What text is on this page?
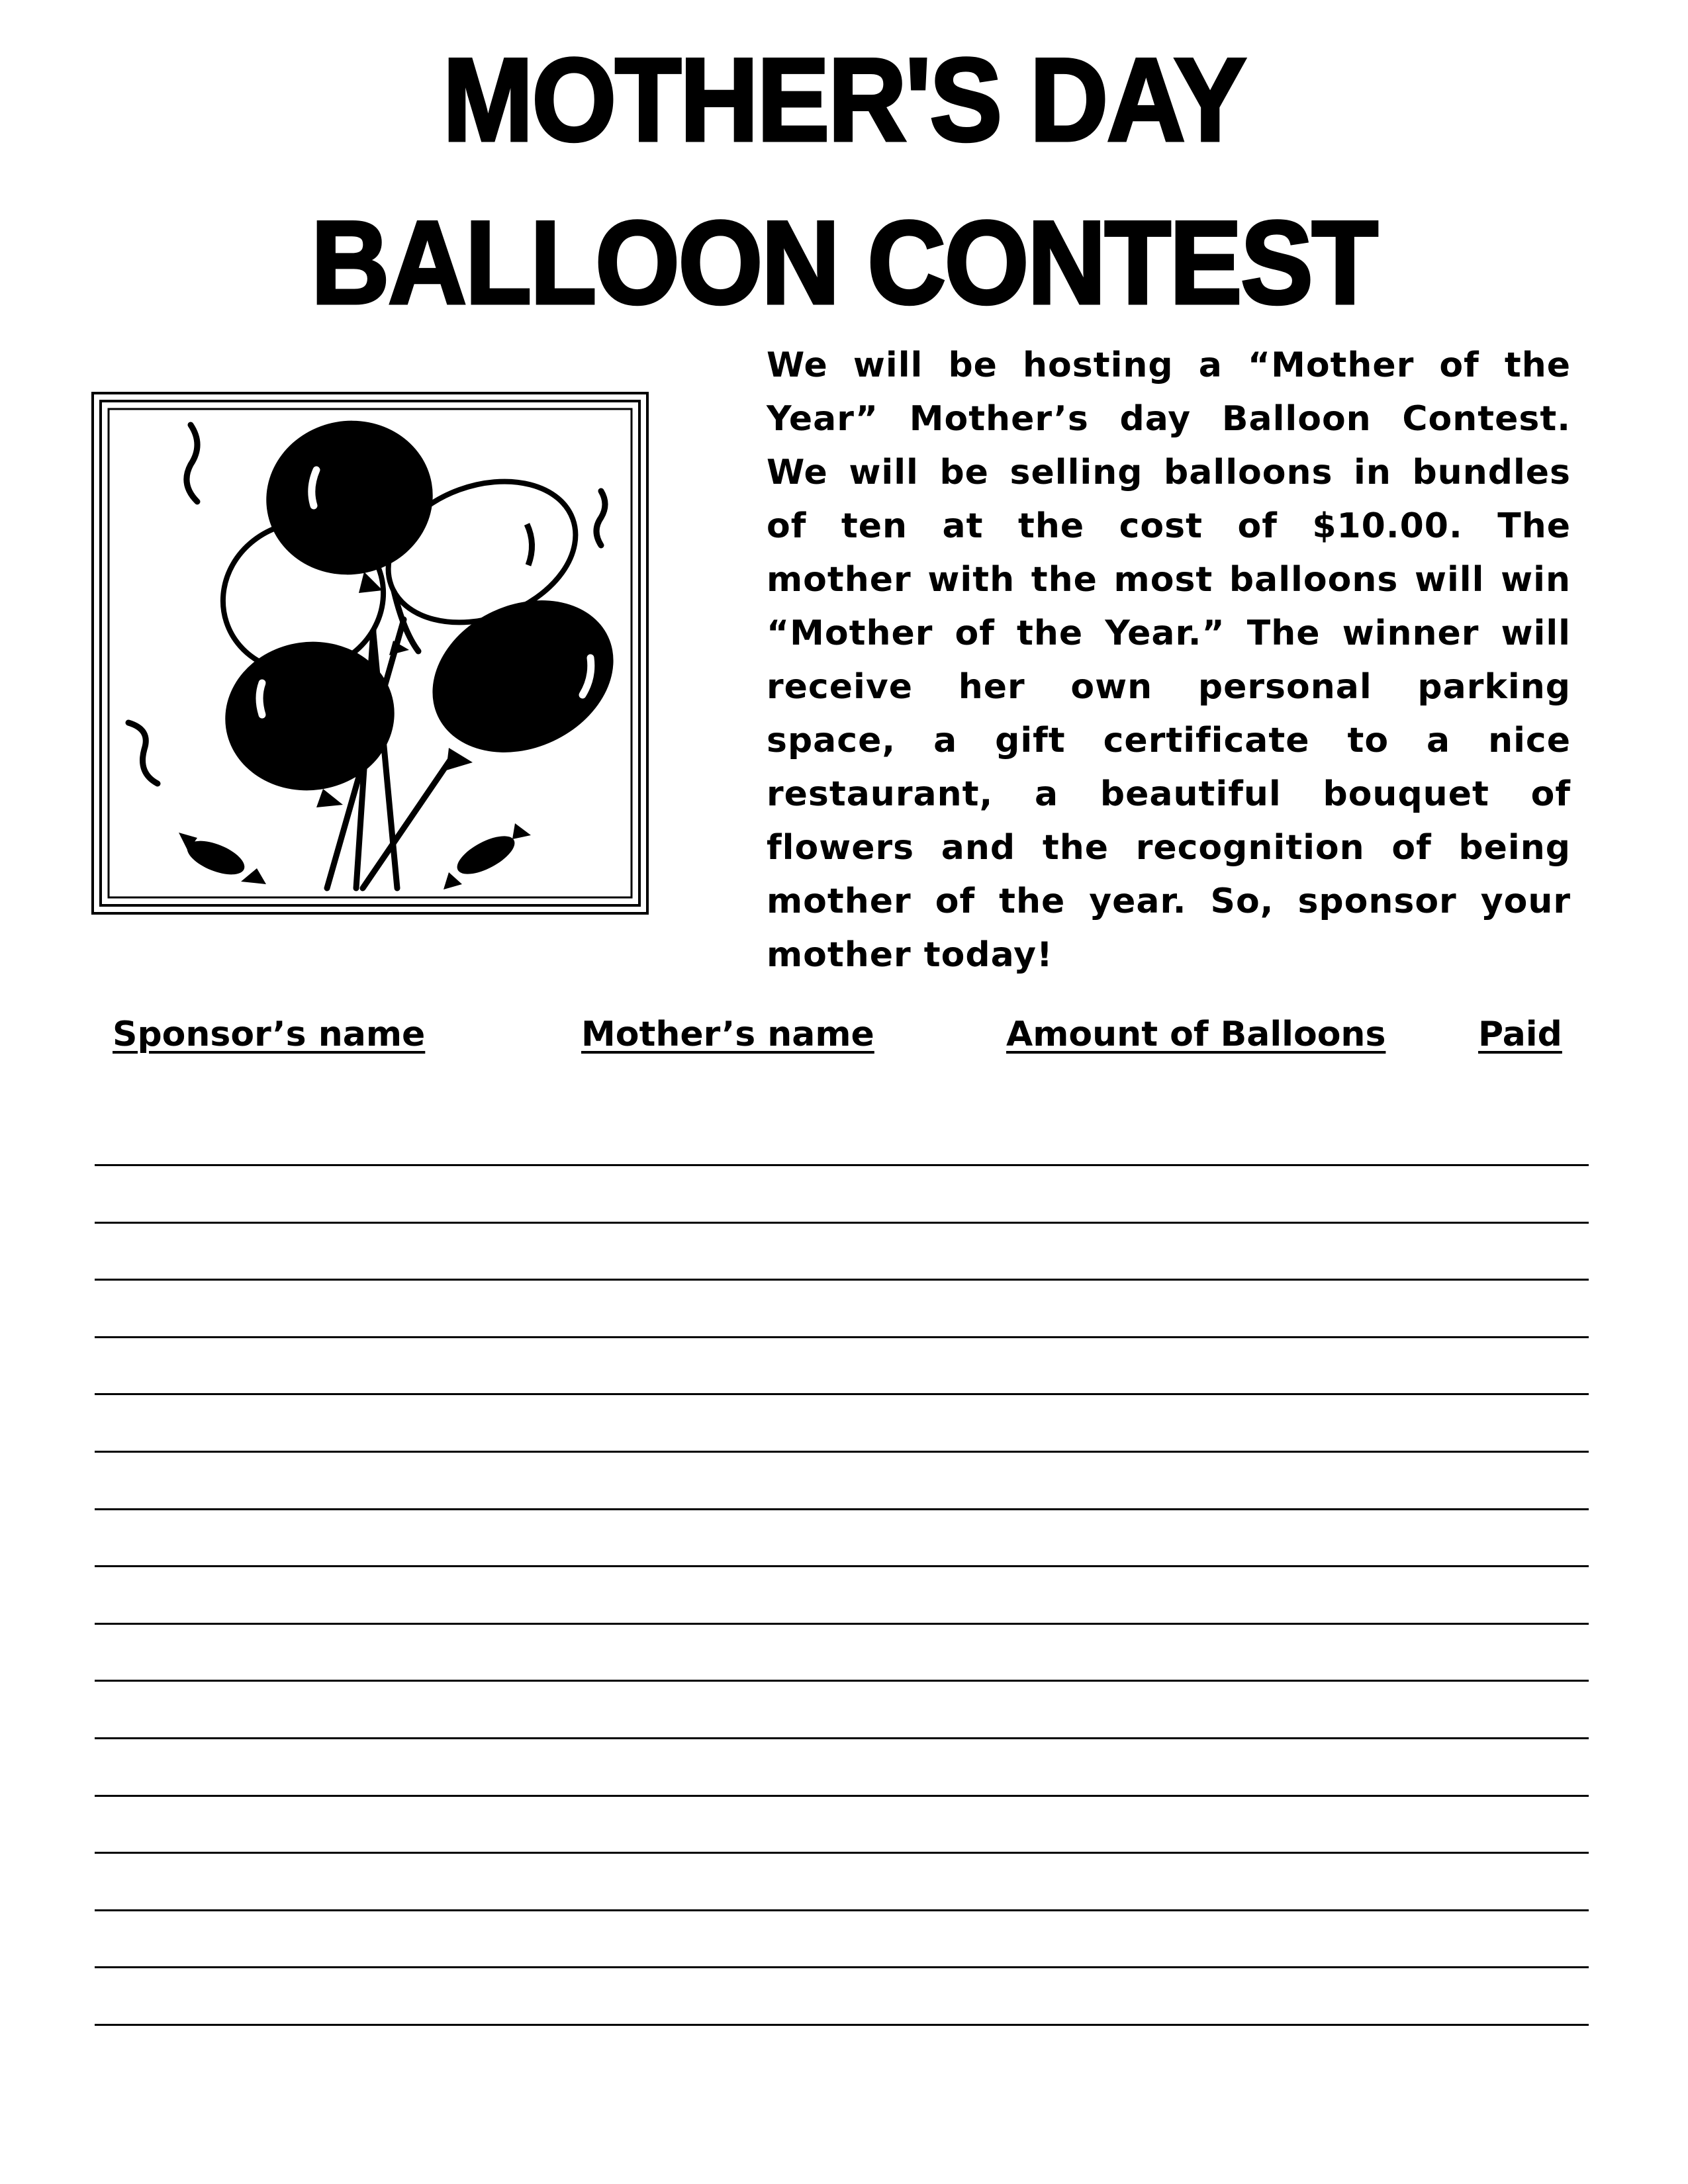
MOTHER'S DAY
BALLOON CONTEST
We will be hosting a “Mother of the Year” Mother’s day Balloon Contest. We will be selling balloons in bundles of ten at the cost of $10.00. The mother with the most balloons will win “Mother of the Year.” The winner will receive her own personal parking space, a gift certificate to a nice restaurant, a beautiful bouquet of flowers and the recognition of being mother of the year. So, sponsor your mother today!
Sponsor’s name	Mother’s name	Amount of Balloons	Paid
